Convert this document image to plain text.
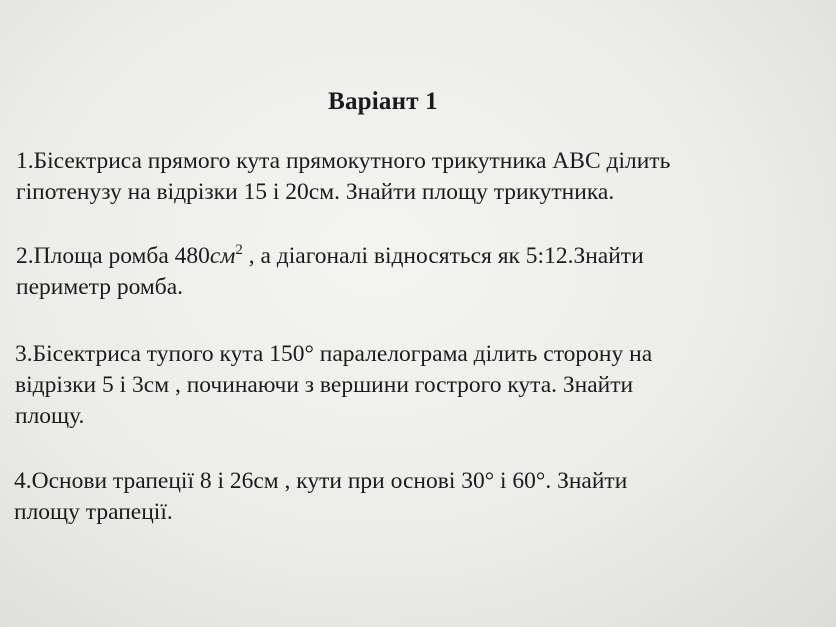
Варіант 1
1.Бісектриса прямого кута прямокутного трикутника АВС ділить
гіпотенузу на відрізки 15 і 20см. Знайти площу трикутника.
2.Площа ромба $480см^2$ , а діагоналі відносяться як 5:12.Знайти
периметр ромба.
3.Бісектриса тупого кута 150° паралелограма ділить сторону на
відрізки 5 і 3см , починаючи з вершини гострого кута. Знайти
площу.
4.Основи трапеції 8 і 26см , кути при основі 30° і 60°. Знайти
площу трапеції.
